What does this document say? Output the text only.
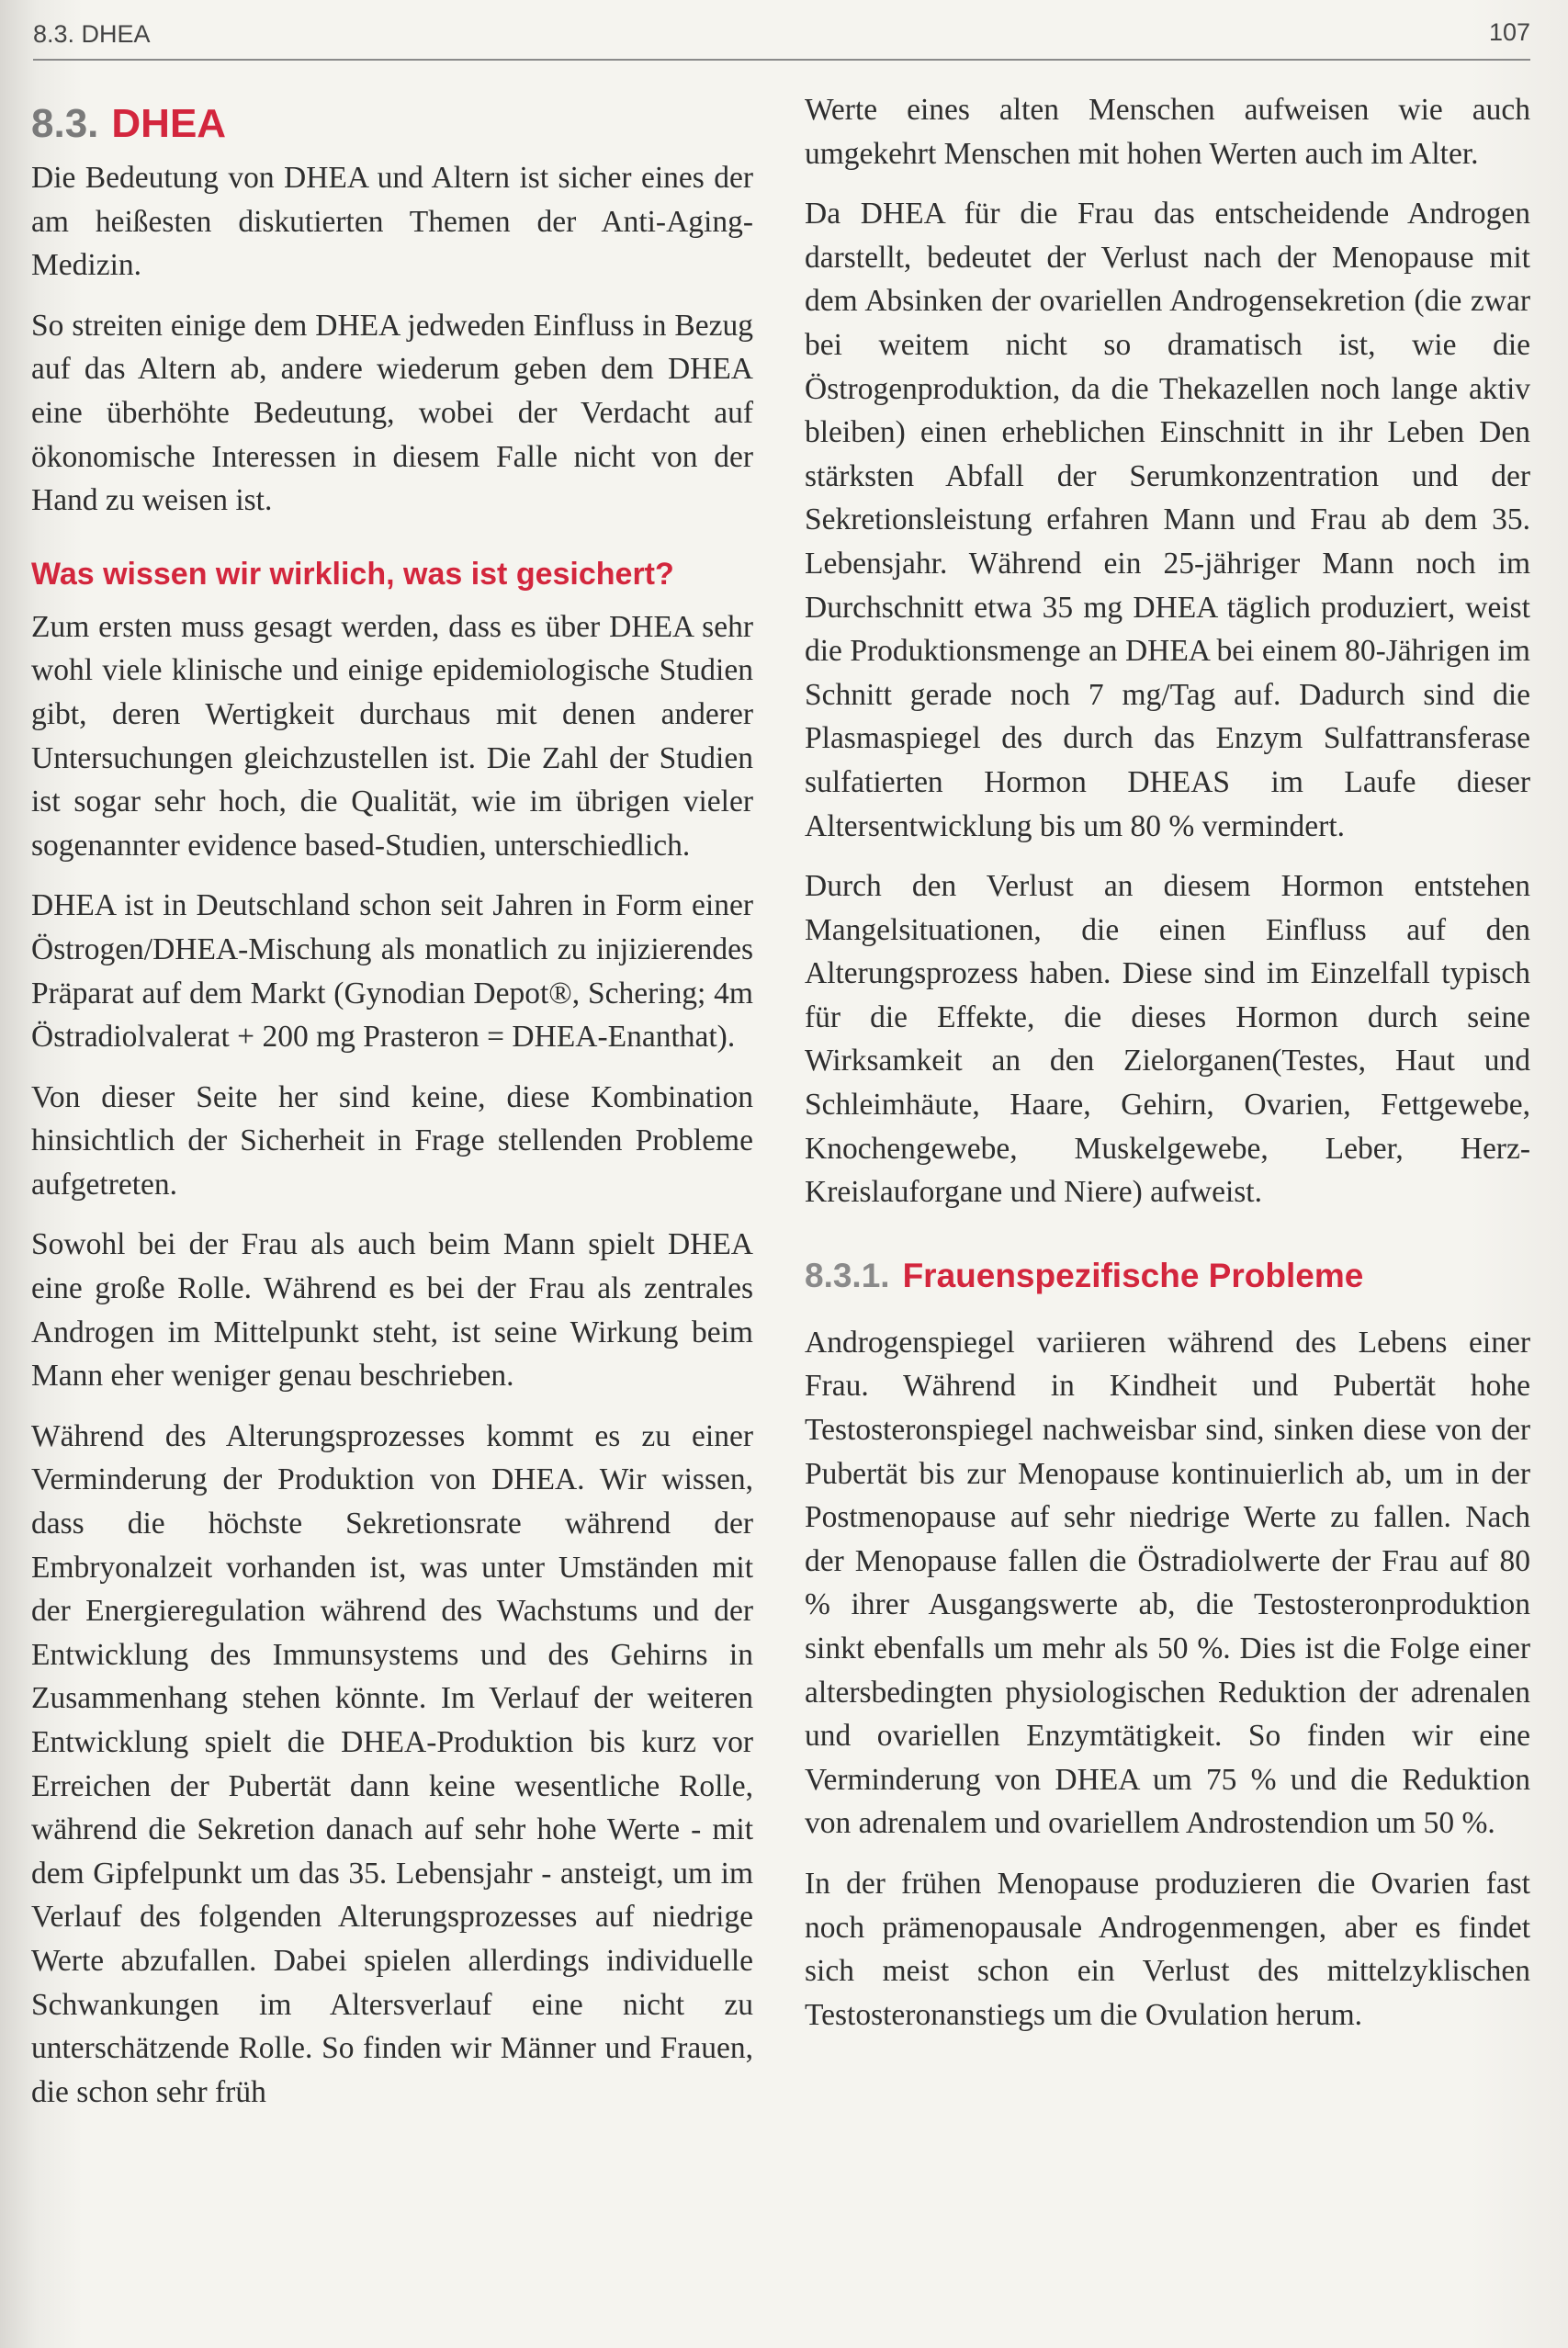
8.3. DHEA	107
8.3. DHEA

Die Bedeutung von DHEA und Altern ist sicher eines der am heißesten diskutierten Themen der Anti-Aging-Medizin.

So streiten einige dem DHEA jedweden Einfluss in Bezug auf das Altern ab, andere wiederum geben dem DHEA eine überhöhte Bedeutung, wobei der Verdacht auf ökonomische Interessen in diesem Falle nicht von der Hand zu weisen ist.

Was wissen wir wirklich, was ist gesichert?

Zum ersten muss gesagt werden, dass es über DHEA sehr wohl viele klinische und einige epidemiologische Studien gibt, deren Wertigkeit durchaus mit denen anderer Untersuchungen gleichzustellen ist. Die Zahl der Studien ist sogar sehr hoch, die Qualität, wie im übrigen vieler sogenannter evidence based-Studien, unterschiedlich.

DHEA ist in Deutschland schon seit Jahren in Form einer Östrogen/DHEA-Mischung als monatlich zu injizierendes Präparat auf dem Markt (Gynodian Depot®, Schering; 4m Östradiolvalerat + 200 mg Prasteron = DHEA-Enanthat).

Von dieser Seite her sind keine, diese Kombination hinsichtlich der Sicherheit in Frage stellenden Probleme aufgetreten.

Sowohl bei der Frau als auch beim Mann spielt DHEA eine große Rolle. Während es bei der Frau als zentrales Androgen im Mittelpunkt steht, ist seine Wirkung beim Mann eher weniger genau beschrieben.

Während des Alterungsprozesses kommt es zu einer Verminderung der Produktion von DHEA. Wir wissen, dass die höchste Sekretionsrate während der Embryonalzeit vorhanden ist, was unter Umständen mit der Energieregulation während des Wachstums und der Entwicklung des Immunsystems und des Gehirns in Zusammenhang stehen könnte. Im Verlauf der weiteren Entwicklung spielt die DHEA-Produktion bis kurz vor Erreichen der Pubertät dann keine wesentliche Rolle, während die Sekretion danach auf sehr hohe Werte - mit dem Gipfelpunkt um das 35. Lebensjahr - ansteigt, um im Verlauf des folgenden Alterungsprozesses auf niedrige Werte abzufallen. Dabei spielen allerdings individuelle Schwankungen im Altersverlauf eine nicht zu unterschätzende Rolle. So finden wir Männer und Frauen, die schon sehr früh

Werte eines alten Menschen aufweisen wie auch umgekehrt Menschen mit hohen Werten auch im Alter.

Da DHEA für die Frau das entscheidende Androgen darstellt, bedeutet der Verlust nach der Menopause mit dem Absinken der ovariellen Androgensekretion (die zwar bei weitem nicht so dramatisch ist, wie die Östrogenproduktion, da die Thekazellen noch lange aktiv bleiben) einen erheblichen Einschnitt in ihr Leben Den stärksten Abfall der Serumkonzentration und der Sekretionsleistung erfahren Mann und Frau ab dem 35. Lebensjahr. Während ein 25-jähriger Mann noch im Durchschnitt etwa 35 mg DHEA täglich produziert, weist die Produktionsmenge an DHEA bei einem 80-Jährigen im Schnitt gerade noch 7 mg/Tag auf. Dadurch sind die Plasmaspiegel des durch das Enzym Sulfattransferase sulfatierten Hormon DHEAS im Laufe dieser Altersentwicklung bis um 80 % vermindert.

Durch den Verlust an diesem Hormon entstehen Mangelsituationen, die einen Einfluss auf den Alterungsprozess haben. Diese sind im Einzelfall typisch für die Effekte, die dieses Hormon durch seine Wirksamkeit an den Zielorganen(Testes, Haut und Schleimhäute, Haare, Gehirn, Ovarien, Fettgewebe, Knochengewebe, Muskelgewebe, Leber, Herz- Kreislauforgane und Niere) aufweist.

8.3.1. Frauenspezifische Probleme

Androgenspiegel variieren während des Lebens einer Frau. Während in Kindheit und Pubertät hohe Testosteronspiegel nachweisbar sind, sinken diese von der Pubertät bis zur Menopause kontinuierlich ab, um in der Postmenopause auf sehr niedrige Werte zu fallen. Nach der Menopause fallen die Östradiolwerte der Frau auf 80 % ihrer Ausgangswerte ab, die Testosteronproduktion sinkt ebenfalls um mehr als 50 %. Dies ist die Folge einer altersbedingten physiologischen Reduktion der adrenalen und ovariellen Enzymtätigkeit. So finden wir eine Verminderung von DHEA um 75 % und die Reduktion von adrenalem und ovariellem Androstendion um 50 %.

In der frühen Menopause produzieren die Ovarien fast noch prämenopausale Androgenmengen, aber es findet sich meist schon ein Verlust des mittelzyklischen Testosteronanstiegs um die Ovulation herum.
